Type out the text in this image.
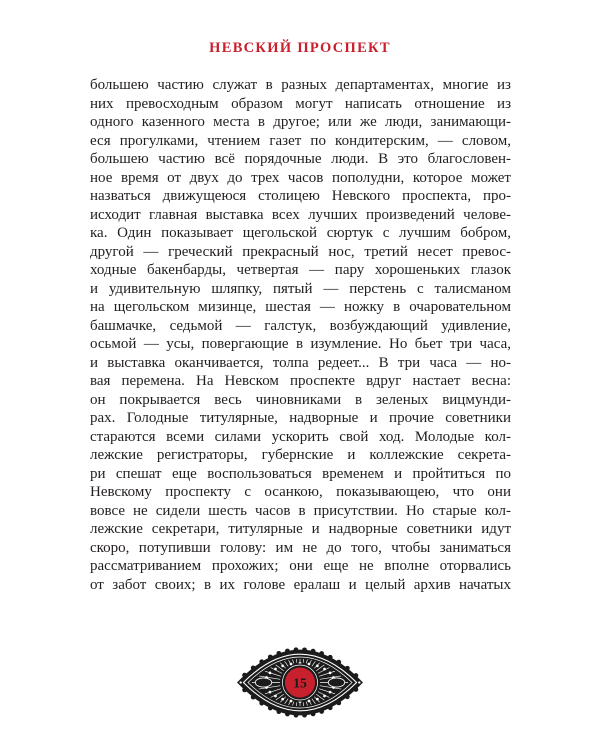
НЕВСКИЙ ПРОСПЕКТ
большею частию служат в разных департаментах, многие из
них превосходным образом могут написать отношение из
одного казенного места в другое; или же люди, занимающи-
еся прогулками, чтением газет по кондитерским, — словом,
большею частию всё порядочные люди. В это благословен-
ное время от двух до трех часов пополудни, которое может
назваться движущеюся столицею Невского проспекта, про-
исходит главная выставка всех лучших произведений челове-
ка. Один показывает щегольской сюртук с лучшим бобром,
другой — греческий прекрасный нос, третий несет превос-
ходные бакенбарды, четвертая — пару хорошеньких глазок
и удивительную шляпку, пятый — перстень с талисманом
на щегольском мизинце, шестая — ножку в очаровательном
башмачке, седьмой — галстук, возбуждающий удивление,
осьмой — усы, повергающие в изумление. Но бьет три часа,
и выставка оканчивается, толпа редеет... В три часа — но-
вая перемена. На Невском проспекте вдруг настает весна:
он покрывается весь чиновниками в зеленых вицмунди-
рах. Голодные титулярные, надворные и прочие советники
стараются всеми силами ускорить свой ход. Молодые кол-
лежские регистраторы, губернские и коллежские секрета-
ри спешат еще воспользоваться временем и пройтиться по
Невскому проспекту с осанкою, показывающею, что они
вовсе не сидели шесть часов в присутствии. Но старые кол-
лежские секретари, титулярные и надворные советники идут
скоро, потупивши голову: им не до того, чтобы заниматься
рассматриванием прохожих; они еще не вполне оторвались
от забот своих; в их голове ералаш и целый архив начатых
15
